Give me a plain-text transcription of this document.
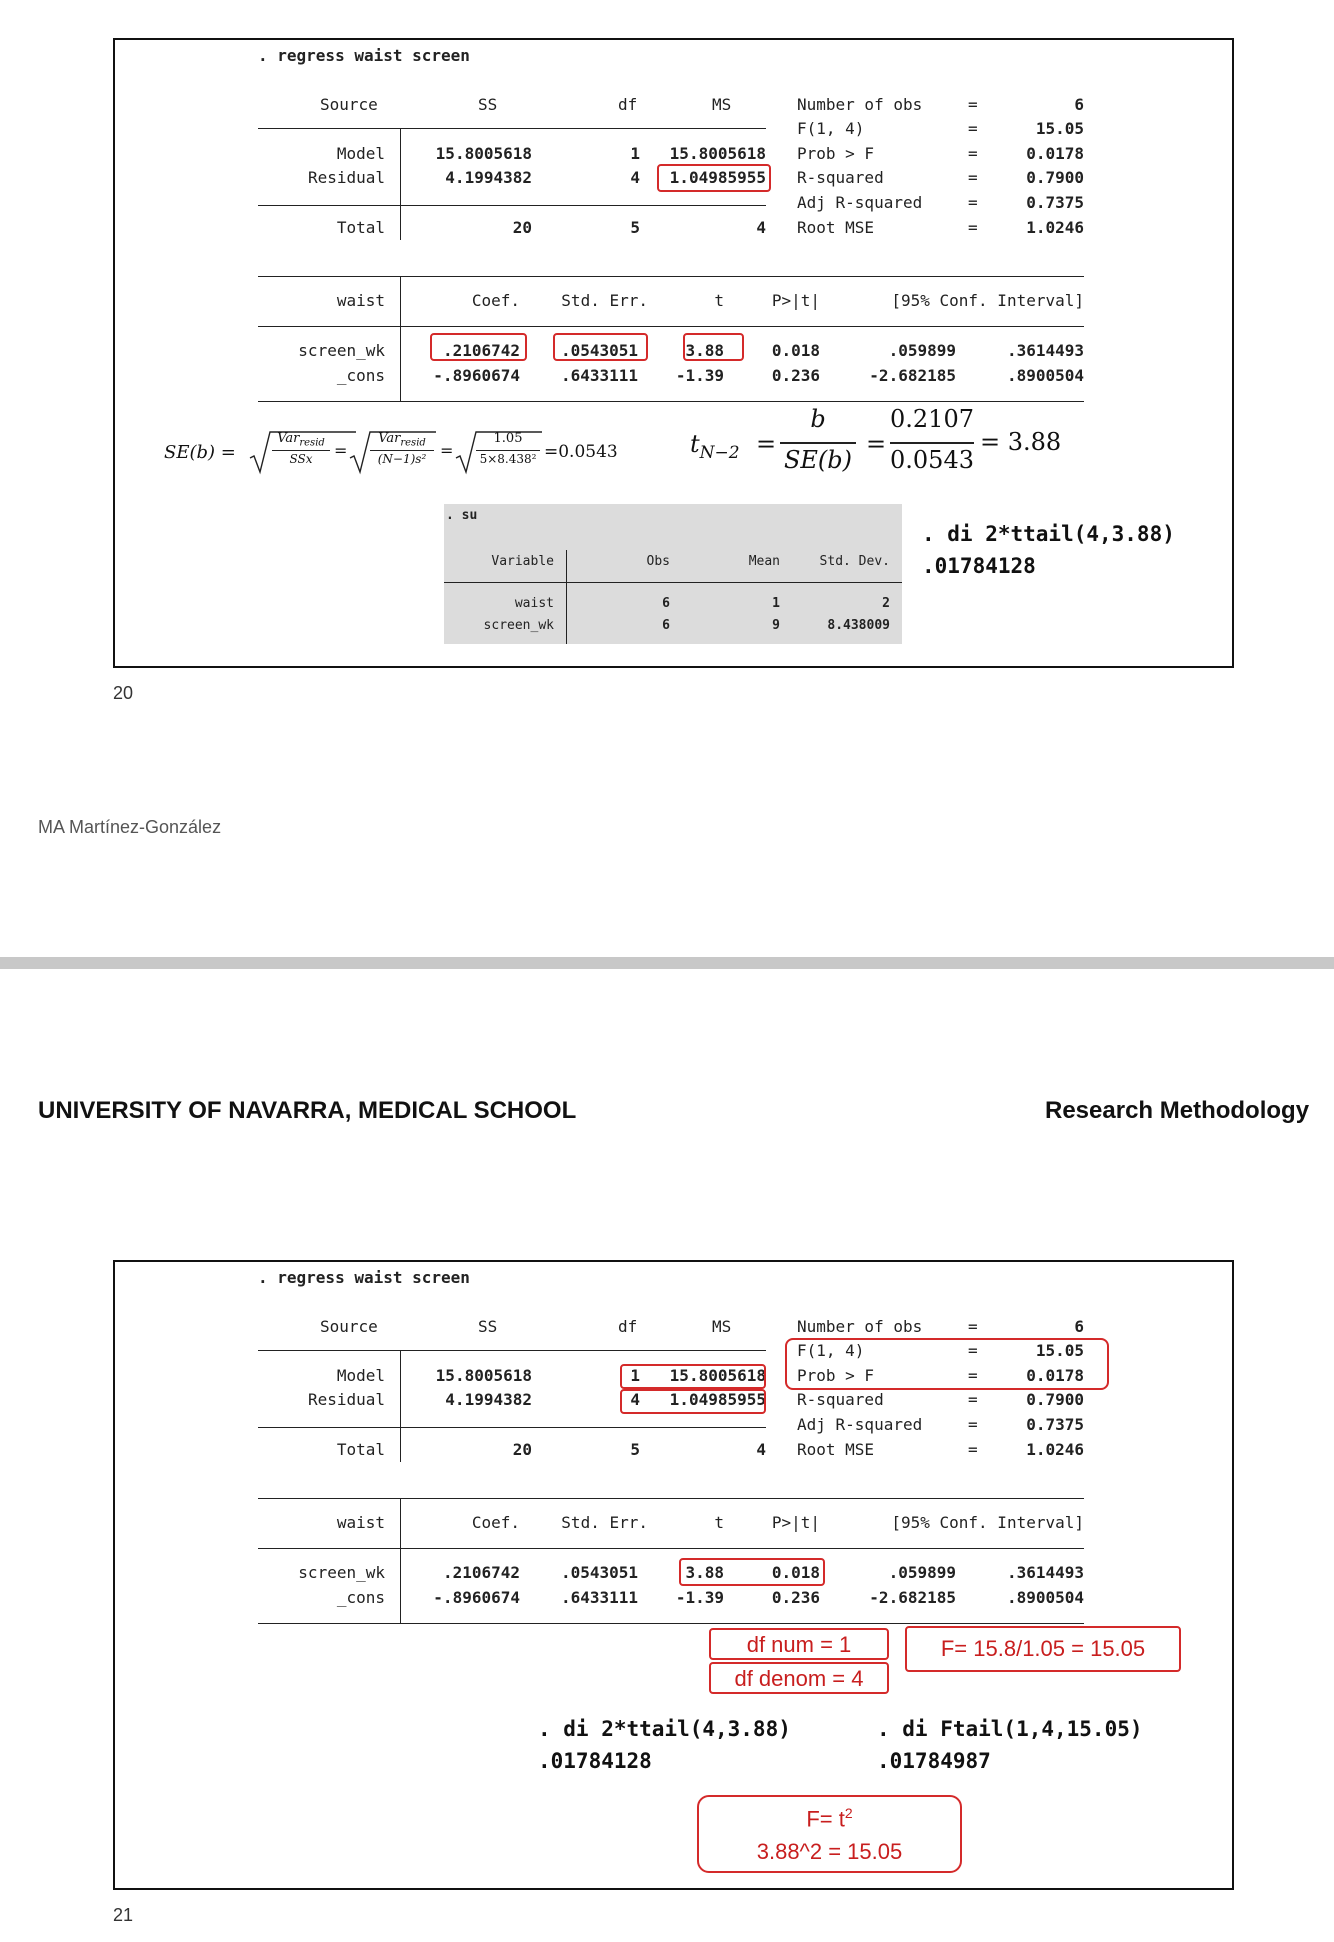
. regress waist screen
Source	SS	df	MS
Model	15.8005618	1	15.8005618
Residual	4.1994382	4	1.04985955
Total	20	5	4
Number of obs	=	6
F(1, 4)	=	15.05
Prob > F	=	0.0178
R-squared	=	0.7900
Adj R-squared	=	0.7375
Root MSE	=	1.0246
waist	Coef.	Std. Err.	t	P>|t|	[95% Conf. Interval]
screen_wk	.2106742	.0543051	3.88	0.018	.059899	.3614493
_cons	-.8960674	.6433111	-1.39	0.236	-2.682185	.8900504
SE(b) =
Var$_{resid}$
SSx	=
Var$_{resid}$
(N−1)s² =
1.05
5×8.438² =0.0543	$t_{N-2}$ =
b
SE(b)
=
0.2107
0.0543
= 3.88
. su
Variable	Obs	Mean	Std. Dev.
waist	6	1	2
screen_wk	6	9	8.438009
. di 2*ttail(4,3.88)
.01784128
20
MA Martínez-González
UNIVERSITY OF NAVARRA, MEDICAL SCHOOL	Research Methodology
. regress waist screen
Source	SS	df	MS
Model	15.8005618	1	15.8005618
Residual	4.1994382	4	1.04985955
Total	20	5	4
Number of obs	=	6
F(1, 4)	=	15.05
Prob > F	=	0.0178
R-squared	=	0.7900
Adj R-squared	=	0.7375
Root MSE	=	1.0246
waist	Coef.	Std. Err.	t	P>|t|	[95% Conf. Interval]
screen_wk	.2106742	.0543051	3.88	0.018	.059899	.3614493
_cons	-.8960674	.6433111	-1.39	0.236	-2.682185	.8900504
df num = 1
df denom = 4
F= 15.8/1.05 = 15.05
. di 2*ttail(4,3.88)
.01784128
. di Ftail(1,4,15.05)
.01784987
$F= t^2$
3.88^2 = 15.05
21
